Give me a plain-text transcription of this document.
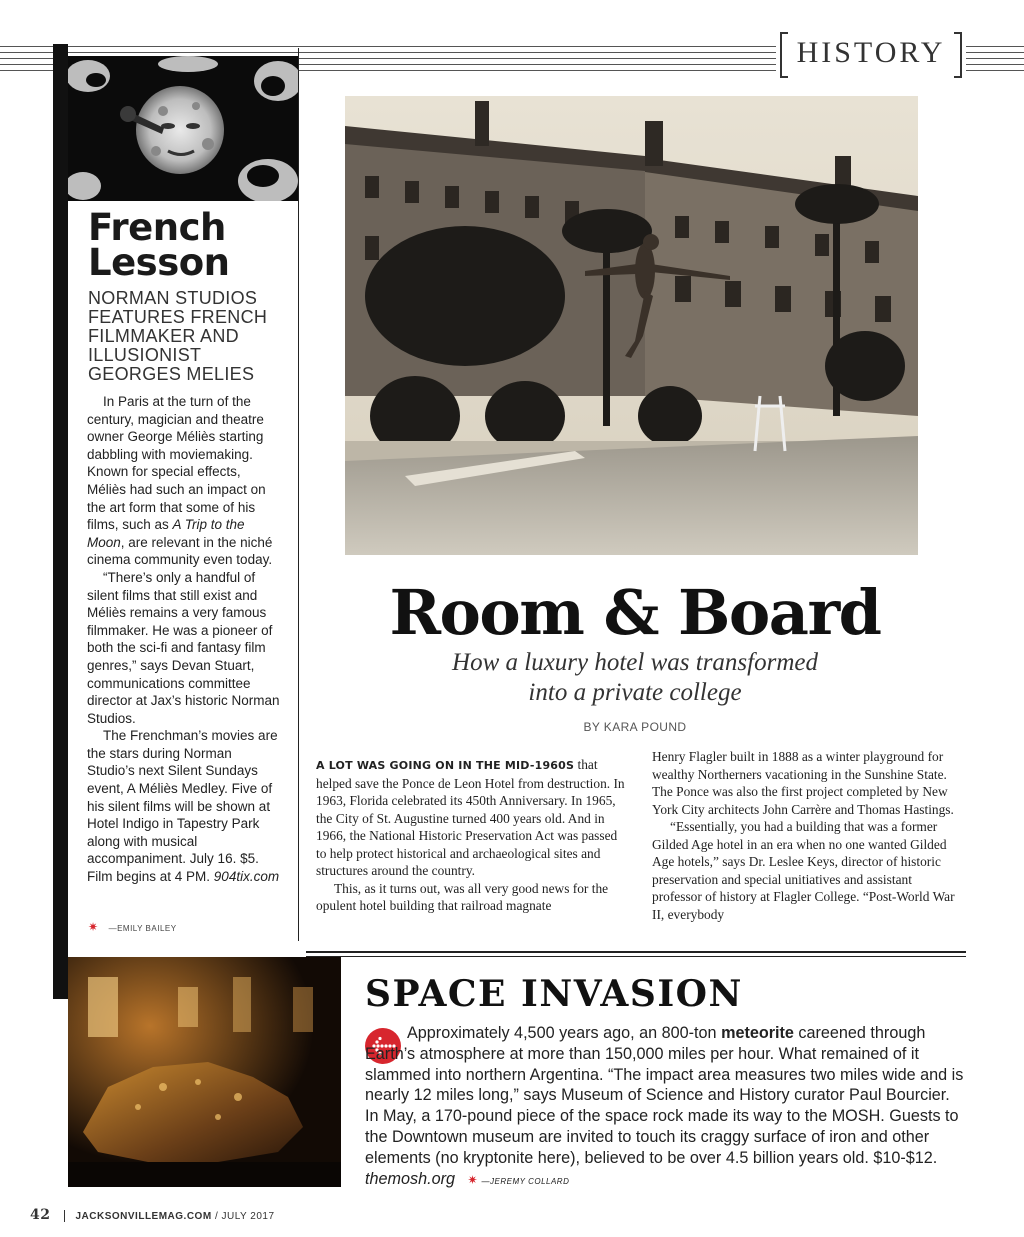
HISTORY
French
Lesson
NORMAN STUDIOS FEATURES FRENCH FILMMAKER AND ILLUSIONIST GEORGES MELIES

In Paris at the turn of the century, magician and theatre owner George Méliès starting dabbling with moviemaking. Known for special effects, Méliès had such an impact on the art form that some of his films, such as A Trip to the Moon, are relevant in the niché cinema community even today.

“There’s only a handful of silent films that still exist and Méliès remains a very famous filmmaker. He was a pioneer of both the sci-fi and fantasy film genres,” says Devan Stuart, communications committee director at Jax’s historic Norman Studios.

The Frenchman’s movies are the stars during Norman Studio’s next Silent Sundays event, A Méliès Medley. Five of his silent films will be shown at Hotel Indigo in Tapestry Park along with musical accompaniment. July 16. $5. Film begins at 4 PM. 904tix.com

✷ —EMILY BAILEY
Room & Board
How a luxury hotel was transformed
into a private college
BY KARA POUND

A LOT WAS GOING ON IN THE MID-1960S that helped save the Ponce de Leon Hotel from destruction. In 1963, Florida celebrated its 450th Anniversary. In 1965, the City of St. Augustine turned 400 years old. And in 1966, the National Historic Preservation Act was passed to help protect historical and archaeological sites and structures around the country.

This, as it turns out, was all very good news for the opulent hotel building that railroad magnate

Henry Flagler built in 1888 as a winter playground for wealthy Northerners vacationing in the Sunshine State. The Ponce was also the first project completed by New York City architects John Carrère and Thomas Hastings.

“Essentially, you had a building that was a former Gilded Age hotel in an era when no one wanted Gilded Age hotels,” says Dr. Leslee Keys, director of historic preservation and special unitiatives and assistant professor of history at Flagler College. “Post-World War II, everybody

SPACE INVASION
Approximately 4,500 years ago, an 800-ton meteorite careened through Earth’s atmosphere at more than 150,000 miles per hour. What remained of it slammed into northern Argentina. “The impact area measures two miles wide and is nearly 12 miles long,” says Museum of Science and History curator Paul Bourcier. In May, a 170-pound piece of the space rock made its way to the MOSH. Guests to the Downtown museum are invited to touch its craggy surface of iron and other elements (no kryptonite here), believed to be over 4.5 billion years old. $10-$12. themosh.org ✷ —JEREMY COLLARD
42	JACKSONVILLEMAG.COM / JULY 2017
